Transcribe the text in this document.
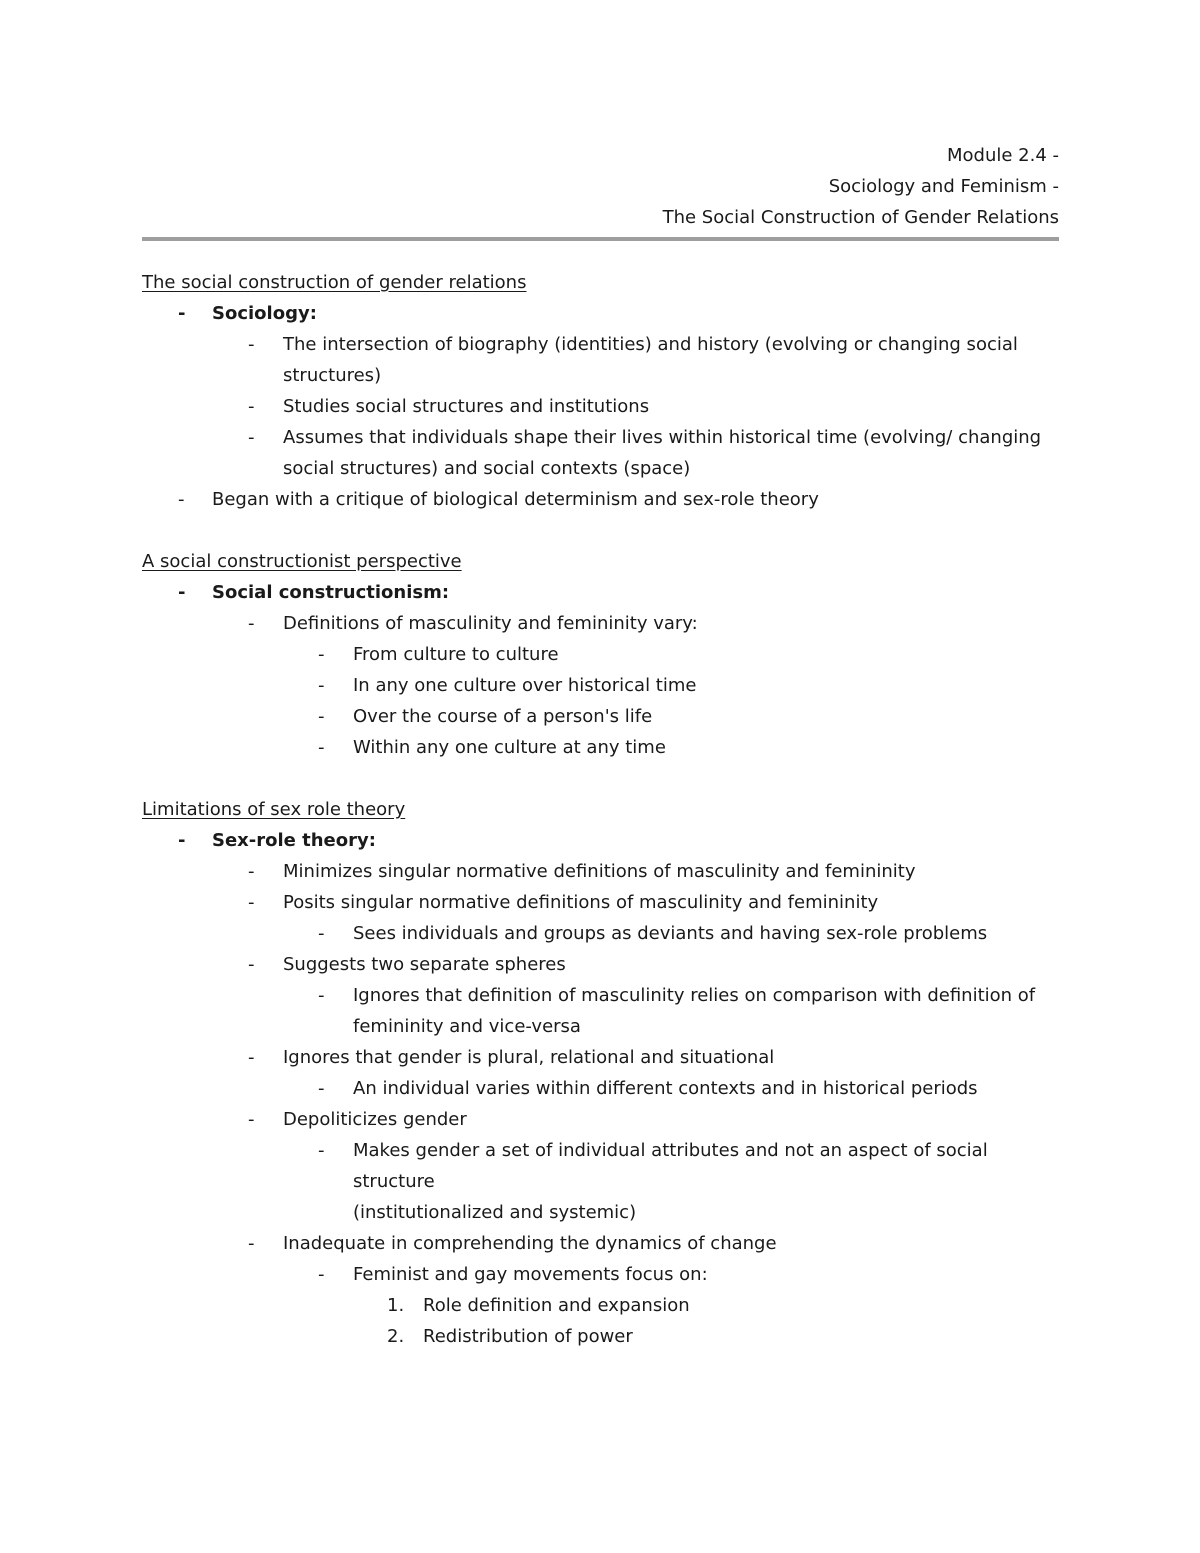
Module 2.4 -
Sociology and Feminism -
The Social Construction of Gender Relations
The social construction of gender relations
- Sociology:
- The intersection of biography (identities) and history (evolving or changing social
structures)
- Studies social structures and institutions
- Assumes that individuals shape their lives within historical time (evolving/ changing
social structures) and social contexts (space)
- Began with a critique of biological determinism and sex-role theory
A social constructionist perspective
- Social constructionism:
- Definitions of masculinity and femininity vary:
- From culture to culture
- In any one culture over historical time
- Over the course of a person's life
- Within any one culture at any time
Limitations of sex role theory
- Sex-role theory:
- Minimizes singular normative definitions of masculinity and femininity
- Posits singular normative definitions of masculinity and femininity
- Sees individuals and groups as deviants and having sex-role problems
- Suggests two separate spheres
- Ignores that definition of masculinity relies on comparison with definition of
femininity and vice-versa
- Ignores that gender is plural, relational and situational
- An individual varies within different contexts and in historical periods
- Depoliticizes gender
- Makes gender a set of individual attributes and not an aspect of social structure
(institutionalized and systemic)
- Inadequate in comprehending the dynamics of change
- Feminist and gay movements focus on:
1. Role definition and expansion
2. Redistribution of power
